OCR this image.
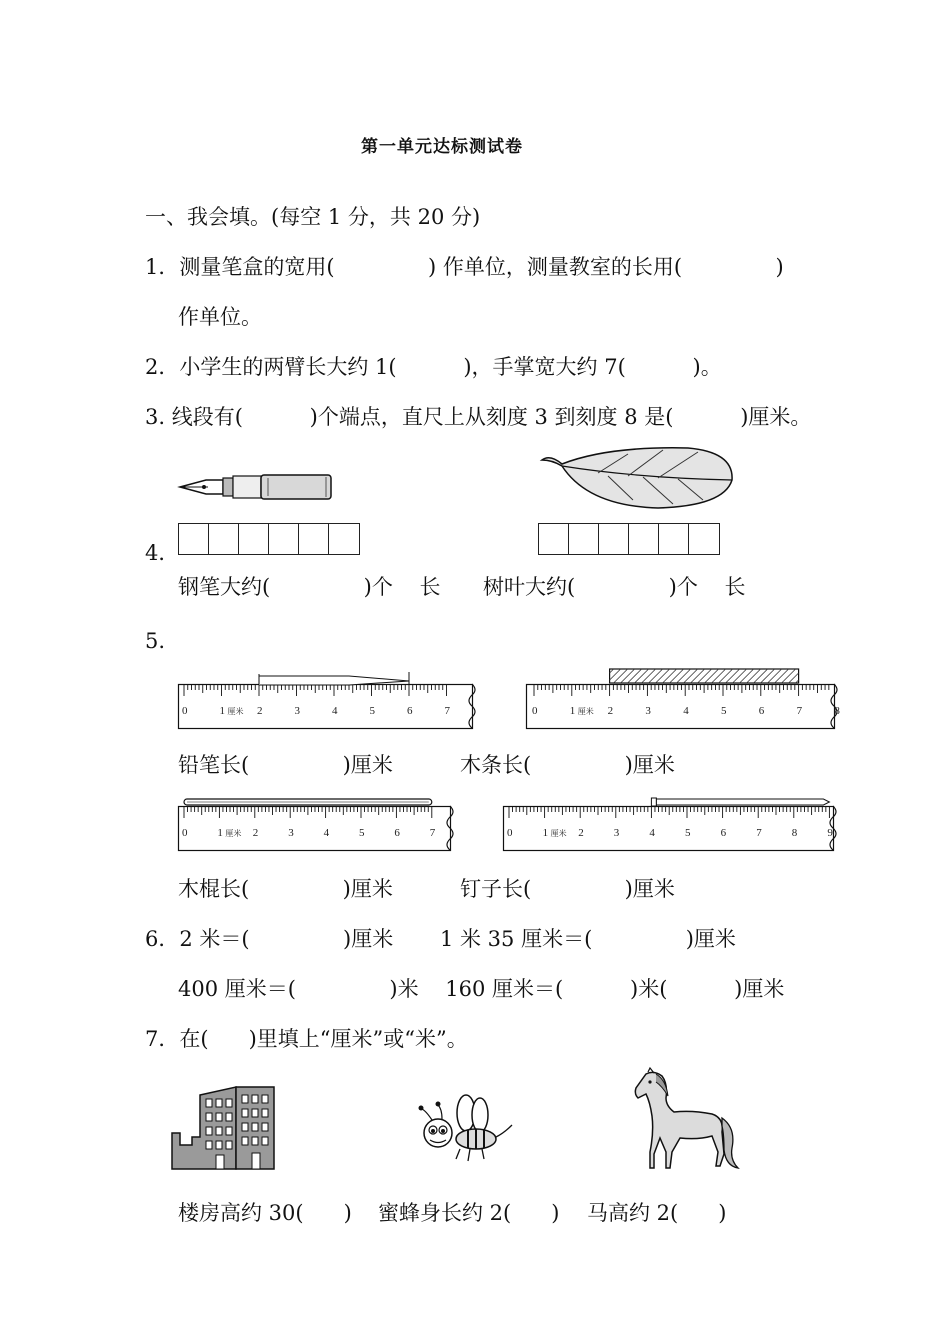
第一单元达标测试卷
一、我会填。(每空 1 分，共 20 分)
1．测量笔盒的宽用(              ) 作单位，测量教室的长用(              )
作单位。
2．小学生的两臂长大约 1(          )，手掌宽大约 7(          )。
3. 线段有(          )个端点，直尺上从刻度 3 到刻度 8 是(          )厘米。
4．
钢笔大约(              )个    长 树叶大约(              )个    长
5.
0	1 厘米 2	3	4	5	6	7	0	1 厘米 2	3	4	5	6	7	8
铅笔长(              )厘米	木条长(              )厘米
0	1 厘米 2	3	4	5	6	7	0	1 厘米 2	3	4	5	6	7	8	9
木棍长(              )厘米	钉子长(              )厘米
6．2 米＝(              )厘米       1 米 35 厘米＝(              )厘米
400 厘米＝(              )米    160 厘米＝(          )米(          )厘米
7．在(      )里填上“厘米”或“米”。
楼房高约 30(      ) 蜜蜂身长约 2(      ) 马高约 2(      )
